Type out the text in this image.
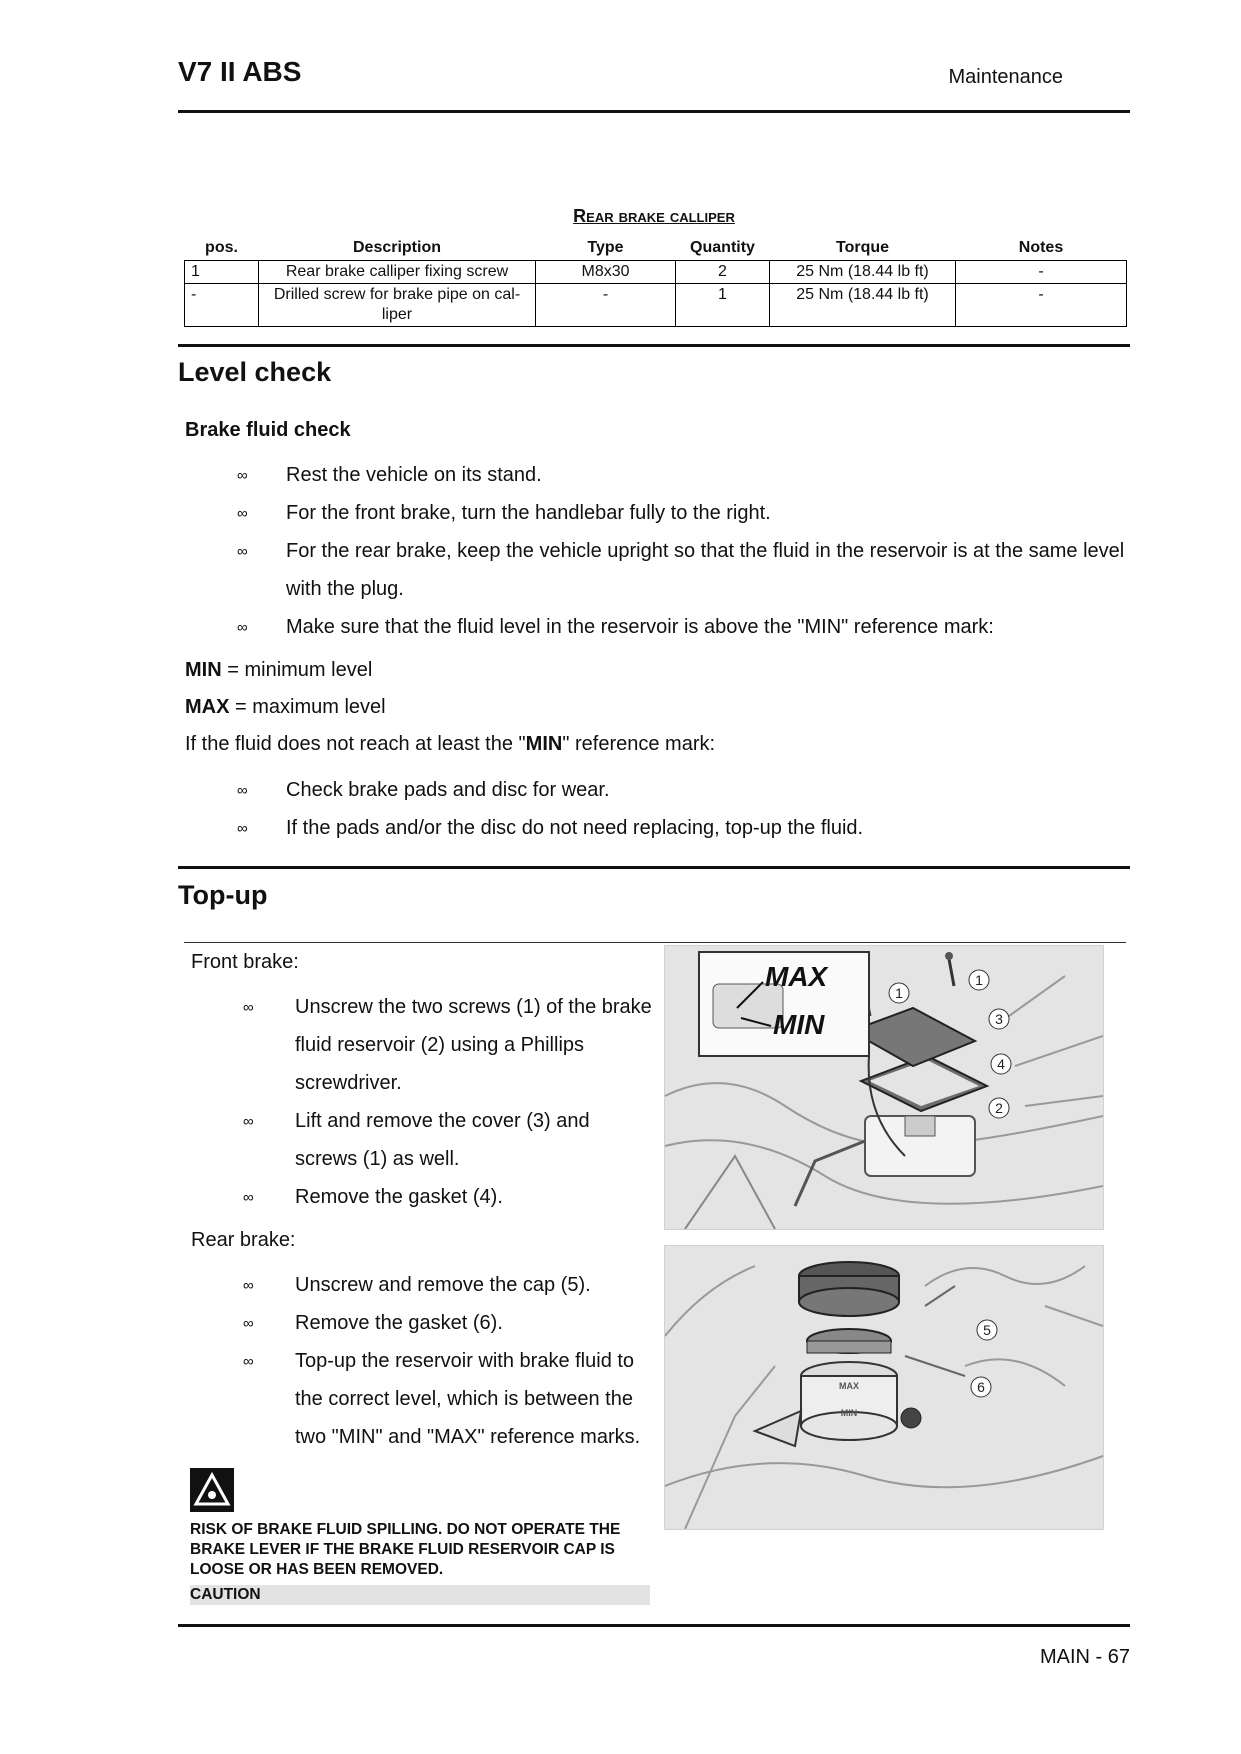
V7 II ABS	Maintenance
Rear brake calliper
pos.	Description	Type	Quantity	Torque	Notes
1	Rear brake calliper fixing screw	M8x30	2	25 Nm (18.44 lb ft)	-
-	Drilled screw for brake pipe on cal- liper	-	1	25 Nm (18.44 lb ft)	-
Level check
Brake fluid check
∞ Rest the vehicle on its stand.
∞ For the front brake, turn the handlebar fully to the right.
∞ For the rear brake, keep the vehicle upright so that the fluid in the reservoir is at the same level with the plug.
∞ Make sure that the fluid level in the reservoir is above the "MIN" reference mark:
MIN = minimum level
MAX = maximum level
If the fluid does not reach at least the "MIN" reference mark:
∞ Check brake pads and disc for wear.
∞ If the pads and/or the disc do not need replacing, top-up the fluid.
Top-up
Front brake:
∞ Unscrew the two screws (1) of the brake fluid reservoir (2) using a Phillips screwdriver.
∞ Lift and remove the cover (3) and screws (1) as well.
∞ Remove the gasket (4).
Rear brake:
∞ Unscrew and remove the cap (5).
∞ Remove the gasket (6).
∞ Top-up the reservoir with brake fluid to the correct level, which is between the two "MIN" and "MAX" reference marks.
RISK OF BRAKE FLUID SPILLING. DO NOT OPERATE THE BRAKE LEVER IF THE BRAKE FLUID RESERVOIR CAP IS LOOSE OR HAS BEEN REMOVED.
CAUTION
MAX
MIN
1
1
3
4
2
MAX
MIN
5
6
MAIN - 67
